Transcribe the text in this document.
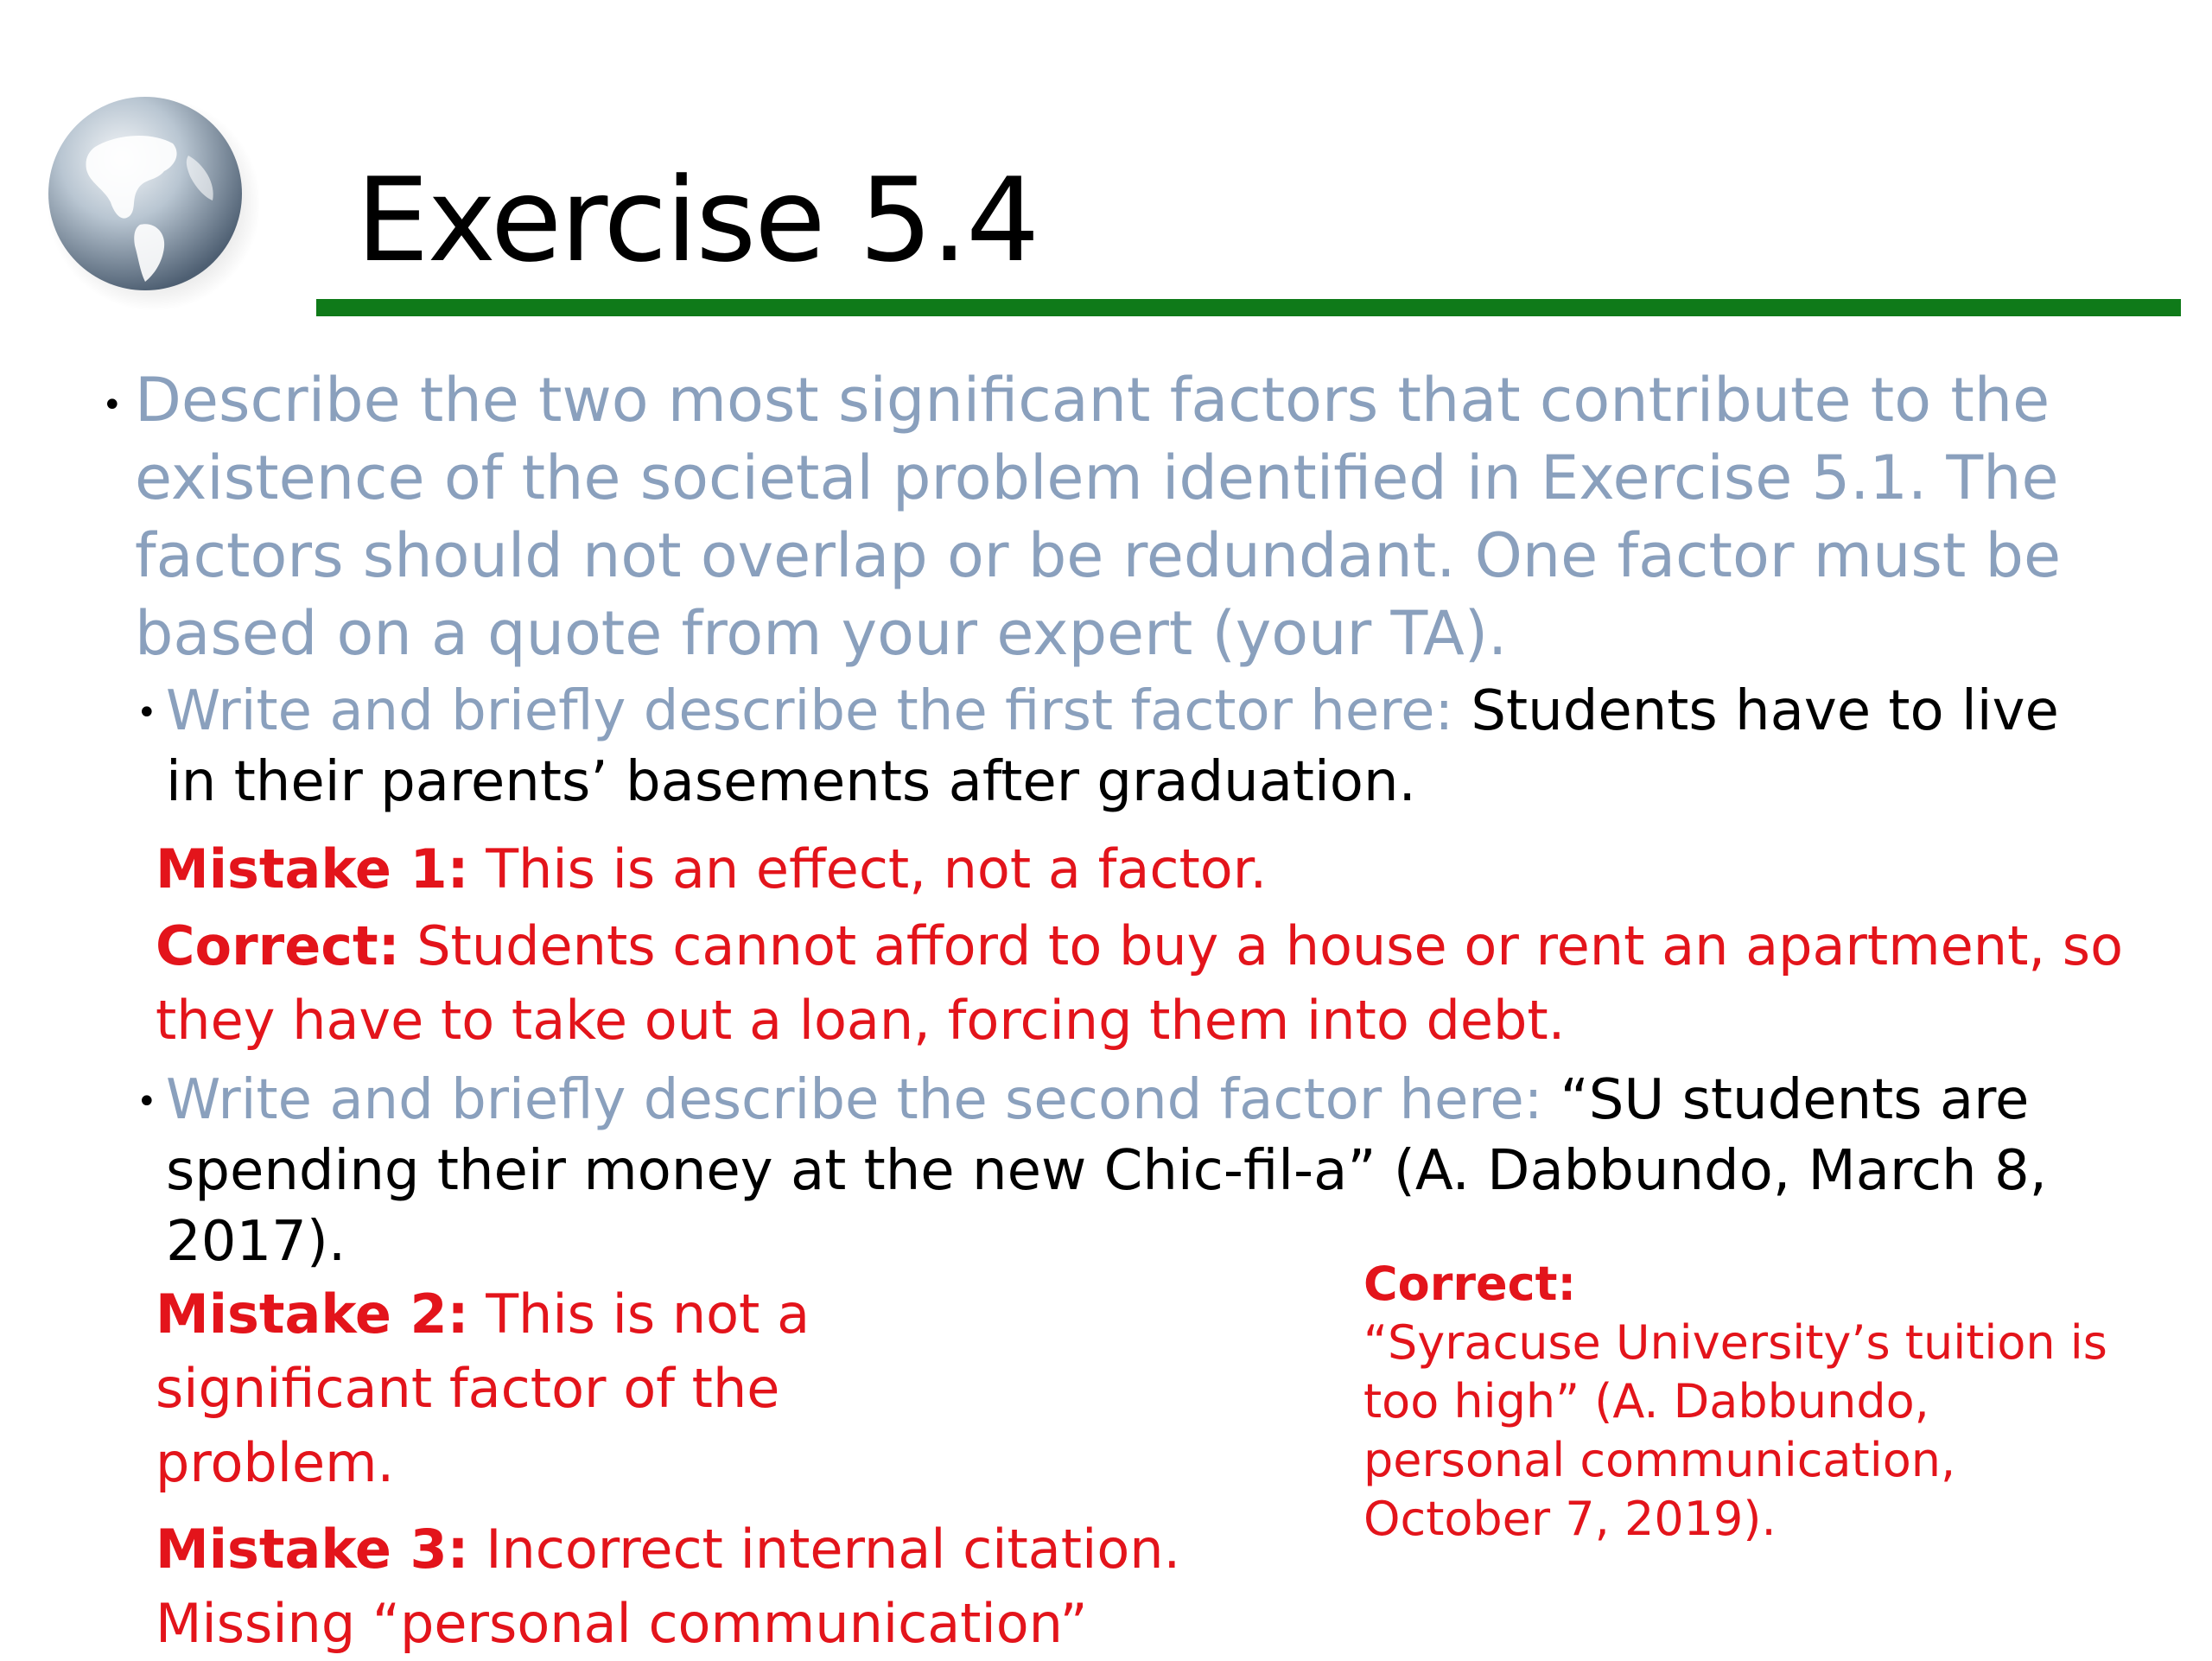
Exercise 5.4
• Describe the two most significant factors that contribute to the existence of the societal problem identified in Exercise 5.1. The factors should not overlap or be redundant. One factor must be based on a quote from your expert (your TA).
• Write and briefly describe the first factor here: Students have to live in their parents’ basements after graduation.
Mistake 1: This is an effect, not a factor.
Correct: Students cannot afford to buy a house or rent an apartment, so they have to take out a loan, forcing them into debt.
• Write and briefly describe the second factor here: “SU students are spending their money at the new Chic-fil-a” (A. Dabbundo, March 8, 2017).
Mistake 2: This is not a significant factor of the problem.
Mistake 3: Incorrect internal citation.
Missing “personal communication”
Correct:
“Syracuse University’s tuition is too high” (A. Dabbundo, personal communication, October 7, 2019).
